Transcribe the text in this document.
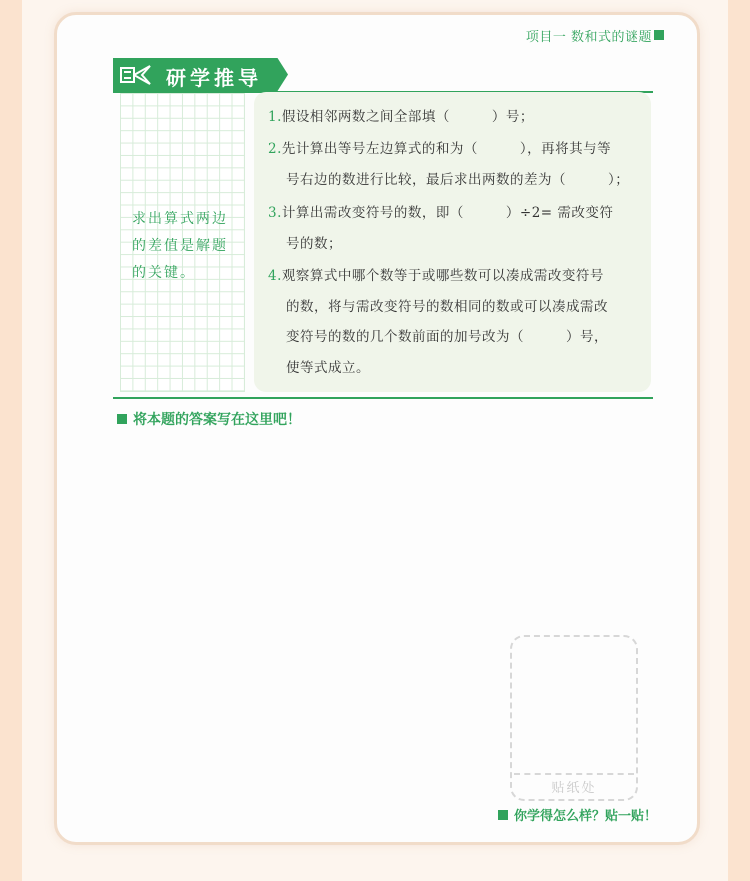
项目一 数和式的谜题
研学推导
求出算式两边的差值是解题的关键。
1.假设相邻两数之间全部填（　　　）号；
2.先计算出等号左边算式的和为（　　　），再将其与等
号右边的数进行比较，最后求出两数的差为（　　　）；
3.计算出需改变符号的数，即（　　　）÷2= 需改变符
号的数；
4.观察算式中哪个数等于或哪些数可以凑成需改变符号
的数，将与需改变符号的数相同的数或可以凑成需改
变符号的数的几个数前面的加号改为（　　　）号，
使等式成立。
将本题的答案写在这里吧！
贴纸处
你学得怎么样？贴一贴！
